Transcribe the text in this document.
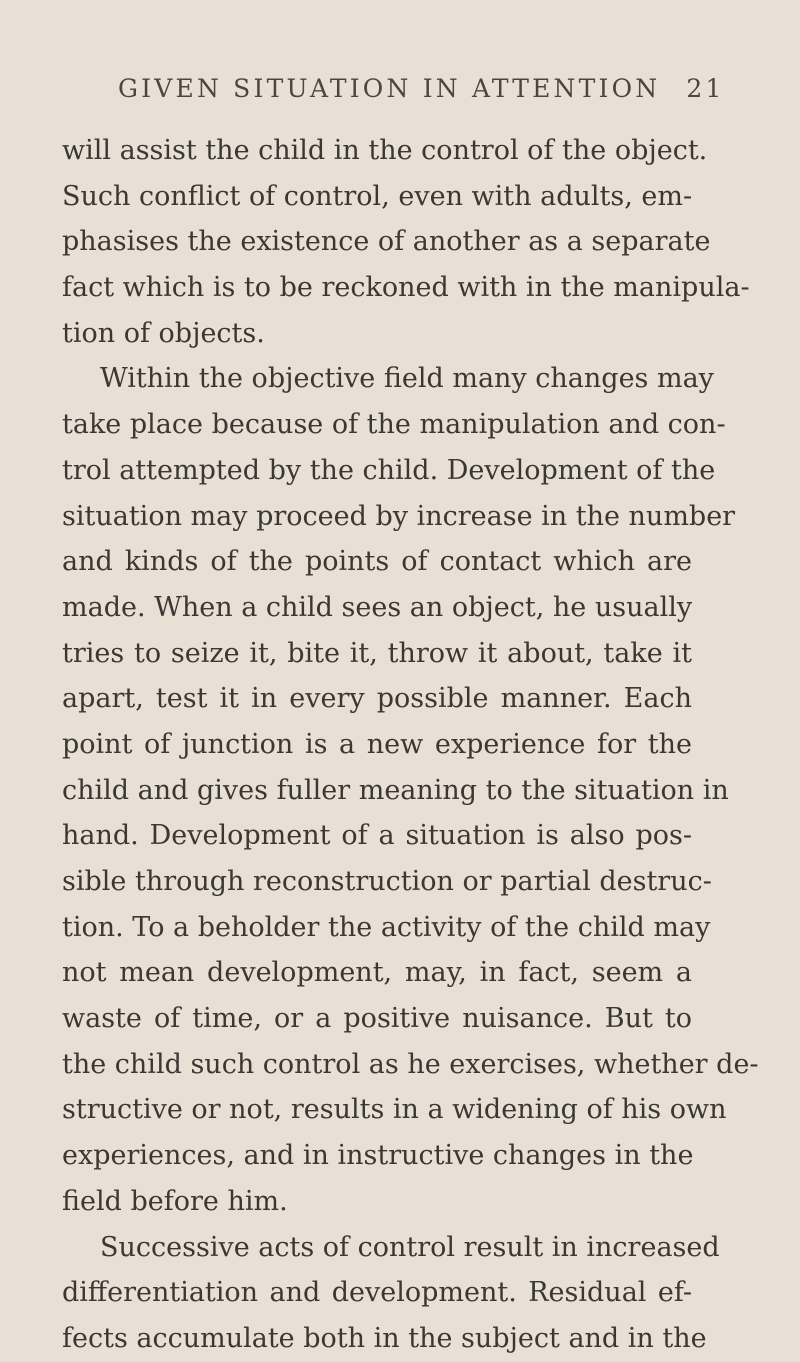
GIVEN SITUATION IN ATTENTION 21
will assist the child in the control of the object.
Such conflict of control, even with adults, em-
phasises the existence of another as a separate
fact which is to be reckoned with in the manipula-
tion of objects.
Within the objective field many changes may
take place because of the manipulation and con-
trol attempted by the child. Development of the
situation may proceed by increase in the number
and kinds of the points of contact which are
made. When a child sees an object, he usually
tries to seize it, bite it, throw it about, take it
apart, test it in every possible manner. Each
point of junction is a new experience for the
child and gives fuller meaning to the situation in
hand. Development of a situation is also pos-
sible through reconstruction or partial destruc-
tion. To a beholder the activity of the child may
not mean development, may, in fact, seem a
waste of time, or a positive nuisance. But to
the child such control as he exercises, whether de-
structive or not, results in a widening of his own
experiences, and in instructive changes in the
field before him.
Successive acts of control result in increased
differentiation and development. Residual ef-
fects accumulate both in the subject and in the
